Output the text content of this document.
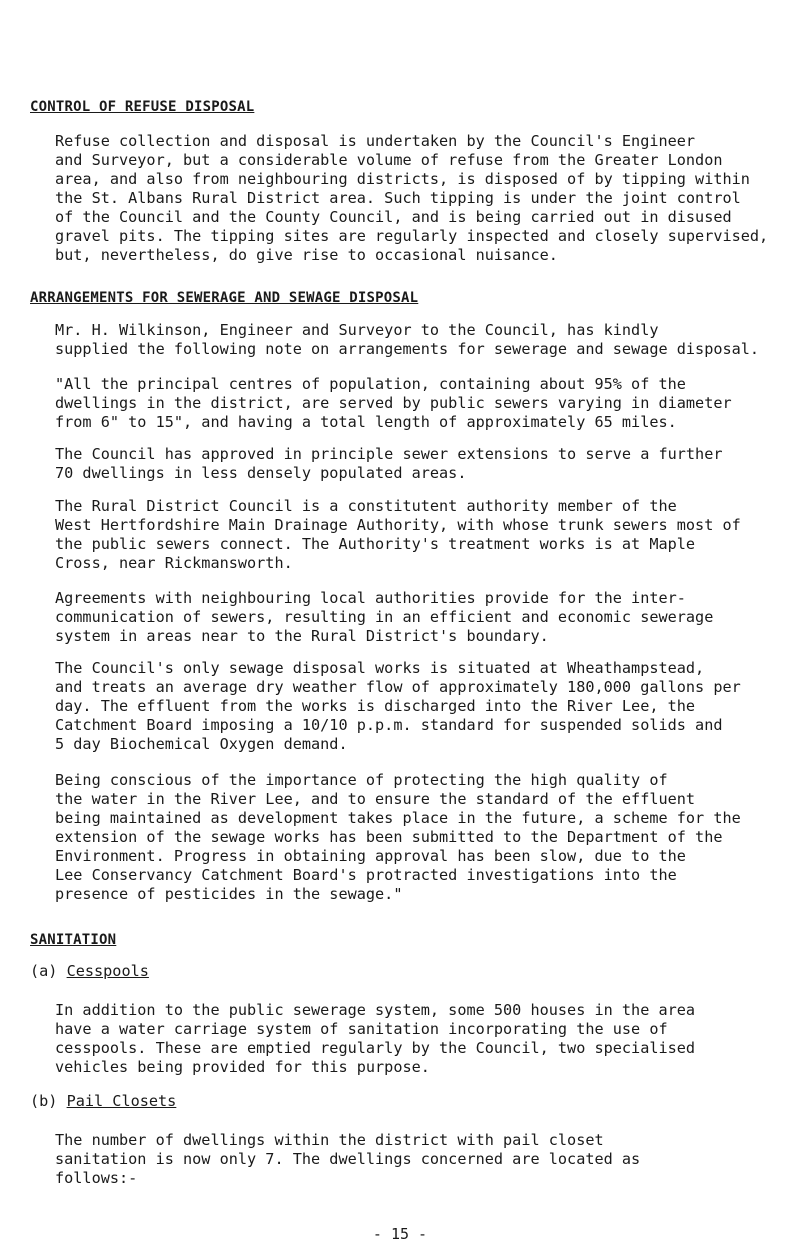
CONTROL OF REFUSE DISPOSAL
Refuse collection and disposal is undertaken by the Council's Engineer
and Surveyor, but a considerable volume of refuse from the Greater London
area, and also from neighbouring districts, is disposed of by tipping within
the St. Albans Rural District area. Such tipping is under the joint control
of the Council and the County Council, and is being carried out in disused
gravel pits. The tipping sites are regularly inspected and closely supervised,
but, nevertheless, do give rise to occasional nuisance.
ARRANGEMENTS FOR SEWERAGE AND SEWAGE DISPOSAL
Mr. H. Wilkinson, Engineer and Surveyor to the Council, has kindly
supplied the following note on arrangements for sewerage and sewage disposal.
"All the principal centres of population, containing about 95% of the
dwellings in the district, are served by public sewers varying in diameter
from 6" to 15", and having a total length of approximately 65 miles.
The Council has approved in principle sewer extensions to serve a further
70 dwellings in less densely populated areas.
The Rural District Council is a constitutent authority member of the
West Hertfordshire Main Drainage Authority, with whose trunk sewers most of
the public sewers connect. The Authority's treatment works is at Maple
Cross, near Rickmansworth.
Agreements with neighbouring local authorities provide for the inter-
communication of sewers, resulting in an efficient and economic sewerage
system in areas near to the Rural District's boundary.
The Council's only sewage disposal works is situated at Wheathampstead,
and treats an average dry weather flow of approximately 180,000 gallons per
day. The effluent from the works is discharged into the River Lee, the
Catchment Board imposing a 10/10 p.p.m. standard for suspended solids and
5 day Biochemical Oxygen demand.
Being conscious of the importance of protecting the high quality of
the water in the River Lee, and to ensure the standard of the effluent
being maintained as development takes place in the future, a scheme for the
extension of the sewage works has been submitted to the Department of the
Environment. Progress in obtaining approval has been slow, due to the
Lee Conservancy Catchment Board's protracted investigations into the
presence of pesticides in the sewage."
SANITATION
(a) Cesspools
In addition to the public sewerage system, some 500 houses in the area
have a water carriage system of sanitation incorporating the use of
cesspools. These are emptied regularly by the Council, two specialised
vehicles being provided for this purpose.
(b) Pail Closets
The number of dwellings within the district with pail closet
sanitation is now only 7. The dwellings concerned are located as
follows:-
- 15 -
